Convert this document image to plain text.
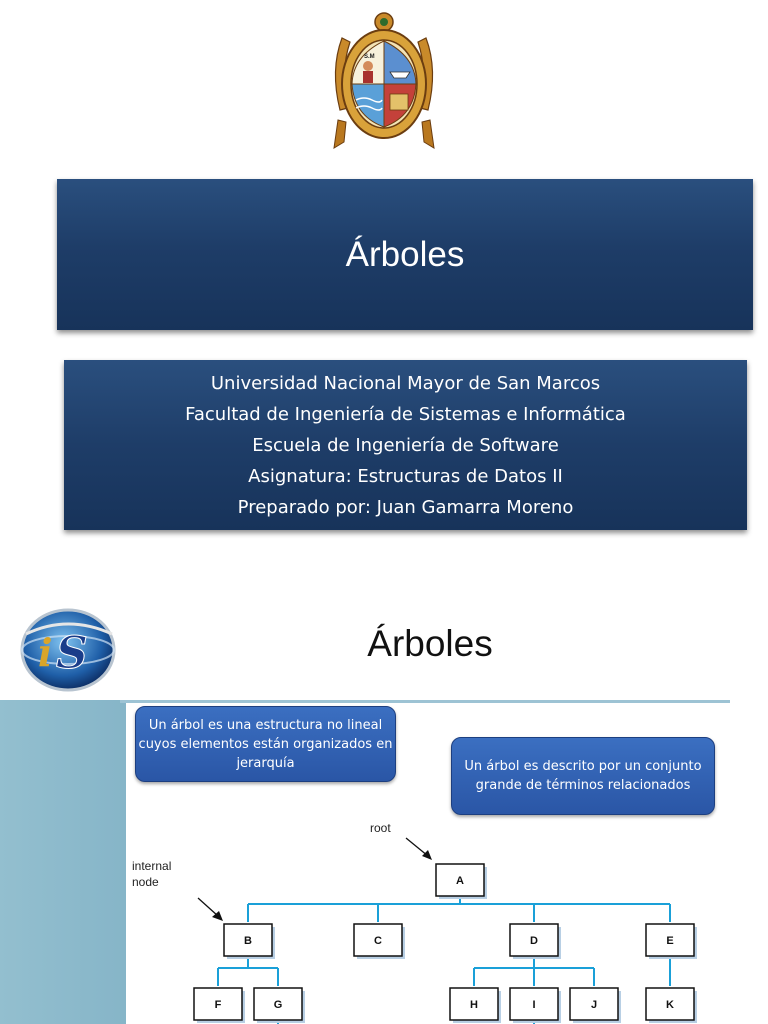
S.M
Árboles
Universidad Nacional Mayor de San Marcos
Facultad de Ingeniería de Sistemas e Informática
Escuela de Ingeniería de Software
Asignatura: Estructuras de Datos II
Preparado por: Juan Gamarra Moreno
i S	Árboles
Un árbol es una estructura no lineal cuyos elementos están organizados en jerarquía	Un árbol es descrito por un conjunto grande de términos relacionados
root
internal
node	A
B	C	D	E
F	G	H	I	J	K
